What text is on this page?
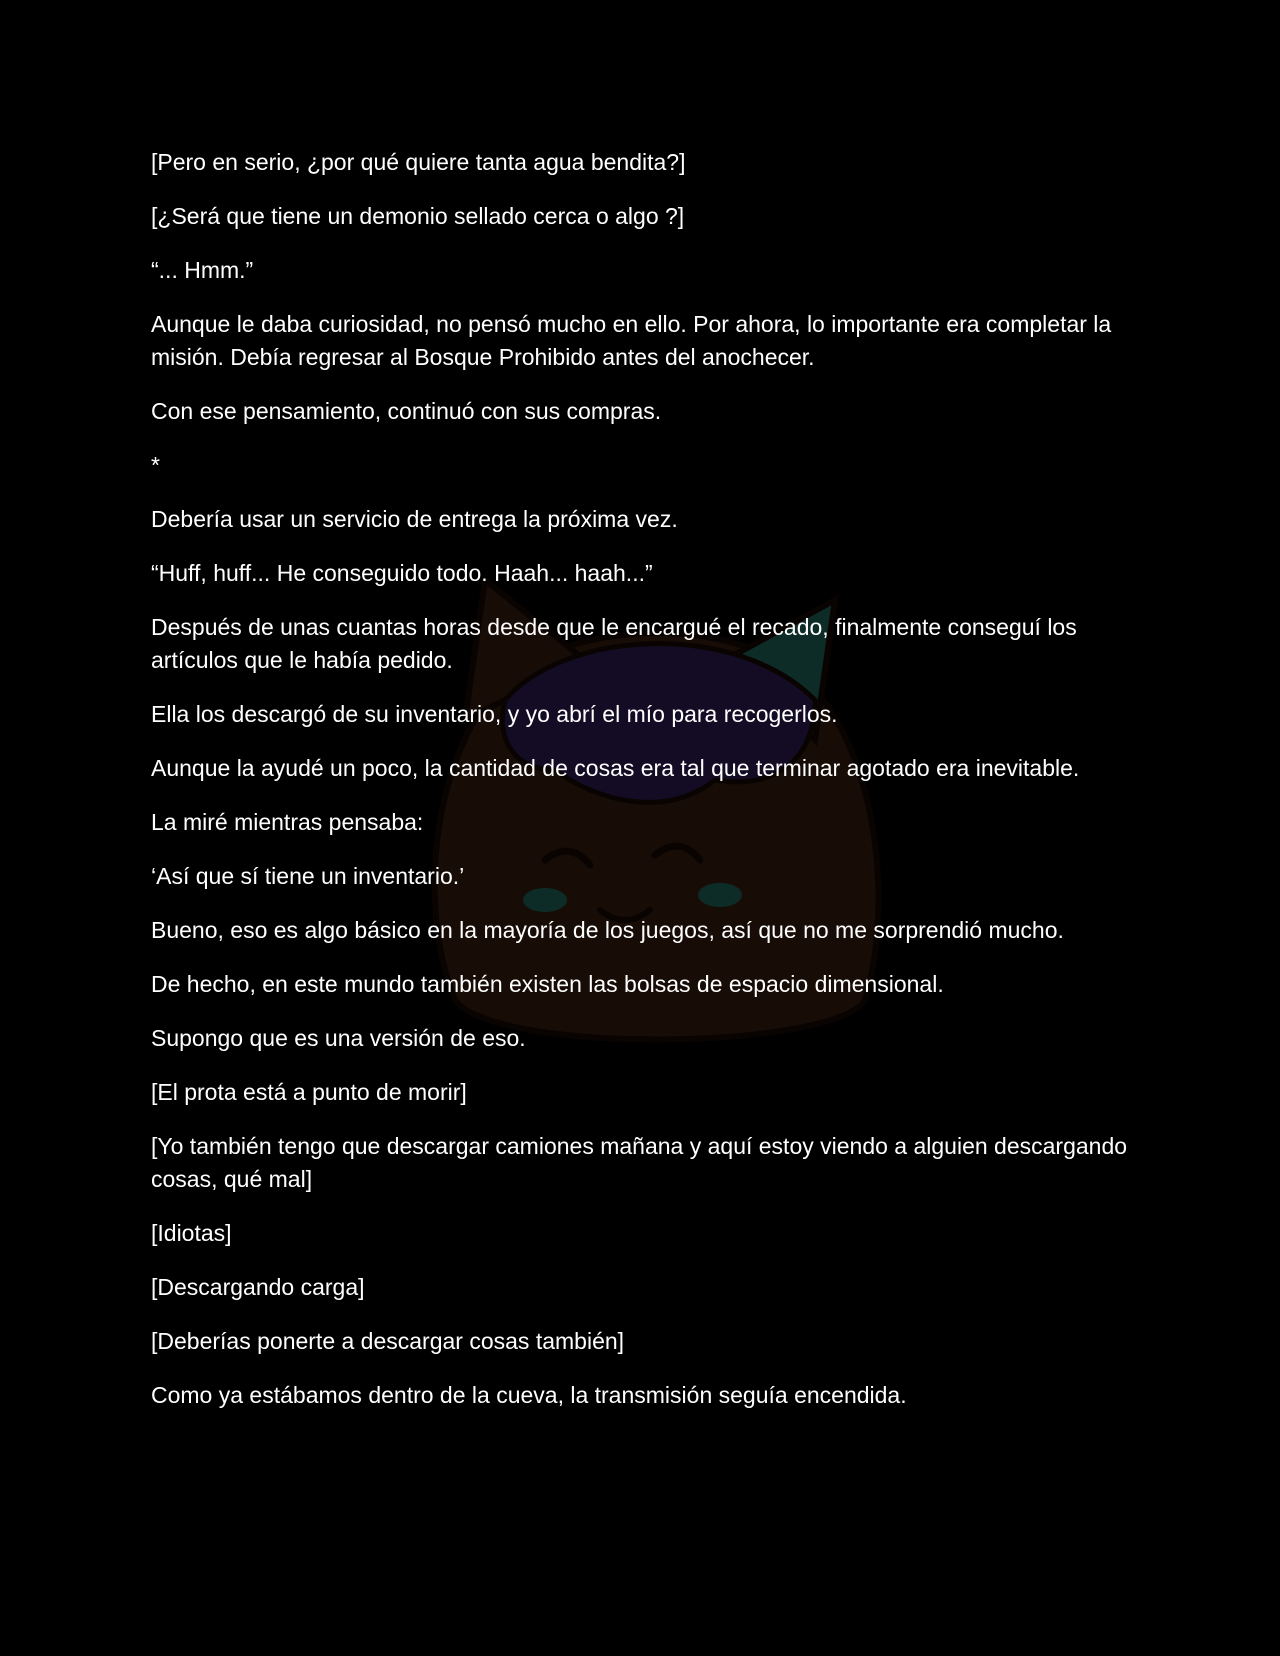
[Pero en serio, ¿por qué quiere tanta agua bendita?]

[¿Será que tiene un demonio sellado cerca o algo ?]

“... Hmm.”

Aunque le daba curiosidad, no pensó mucho en ello. Por ahora, lo importante era completar la misión. Debía regresar al Bosque Prohibido antes del anochecer.

Con ese pensamiento, continuó con sus compras.

*

Debería usar un servicio de entrega la próxima vez.

“Huff, huff... He conseguido todo. Haah... haah...”

Después de unas cuantas horas desde que le encargué el recado, finalmente conseguí los artículos que le había pedido.

Ella los descargó de su inventario, y yo abrí el mío para recogerlos.

Aunque la ayudé un poco, la cantidad de cosas era tal que terminar agotado era inevitable.

La miré mientras pensaba:

‘Así que sí tiene un inventario.’

Bueno, eso es algo básico en la mayoría de los juegos, así que no me sorprendió mucho.

De hecho, en este mundo también existen las bolsas de espacio dimensional.

Supongo que es una versión de eso.

[El prota está a punto de morir]

[Yo también tengo que descargar camiones mañana y aquí estoy viendo a alguien descargando cosas, qué mal]

[Idiotas]

[Descargando carga]

[Deberías ponerte a descargar cosas también]

Como ya estábamos dentro de la cueva, la transmisión seguía encendida.
